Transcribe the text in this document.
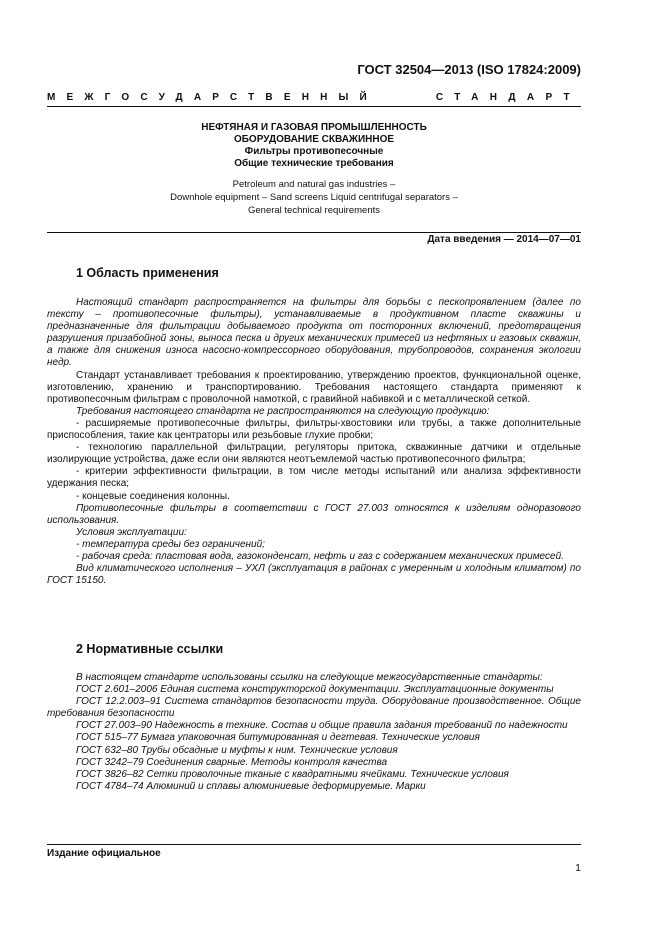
ГОСТ 32504—2013 (ISO 17824:2009)
МЕЖГОСУДАРСТВЕННЫЙ	СТАНДАРТ
НЕФТЯНАЯ И ГАЗОВАЯ ПРОМЫШЛЕННОСТЬ
ОБОРУДОВАНИЕ СКВАЖИННОЕ
Фильтры противопесочные
Общие технические требования
Petroleum and natural gas industries –
Downhole equipment – Sand screens Liquid centrifugal separators –
General technical requirements
Дата введения — 2014—07—01
1 Область применения

Настоящий стандарт распространяется на фильтры для борьбы с пескопроявлением (далее по тексту – противопесочные фильтры), устанавливаемые в продуктивном пласте скважины и предназначенные для фильтрации добываемого продукта от посторонних включений, предотвращения разрушения призабойной зоны, выноса песка и других механических примесей из нефтяных и газовых скважин, а также для снижения износа насосно-компрессорного оборудования, трубопроводов, сохранения экологии недр.

Стандарт устанавливает требования к проектированию, утверждению проектов, функциональной оценке, изготовлению, хранению и транспортированию. Требования настоящего стандарта применяют к противопесочным фильтрам с проволочной намоткой, с гравийной набивкой и с металлической сеткой.

Требования настоящего стандарта не распространяются на следующую продукцию:

- расширяемые противопесочные фильтры, фильтры-хвостовики или трубы, а также дополнительные приспособления, такие как центраторы или резьбовые глухие пробки;

- технологию параллельной фильтрации, регуляторы притока, скважинные датчики и отдельные изолирующие устройства, даже если они являются неотъемлемой частью противопесочного фильтра;

- критерии эффективности фильтрации, в том числе методы испытаний или анализа эффективности удержания песка;

- концевые соединения колонны.

Противопесочные фильтры в соответствии с ГОСТ 27.003 относятся к изделиям одноразового использования.

Условия эксплуатации:

- температура среды без ограничений;

- рабочая среда: пластовая вода, газоконденсат, нефть и газ с содержанием механических примесей.

Вид климатического исполнения – УХЛ (эксплуатация в районах с умеренным и холодным климатом) по ГОСТ 15150.

2 Нормативные ссылки

В настоящем стандарте использованы ссылки на следующие межгосударственные стандарты:

ГОСТ 2.601–2006 Единая система конструкторской документации. Эксплуатационные документы

ГОСТ 12.2.003–91 Система стандартов безопасности труда. Оборудование производственное. Общие требования безопасности

ГОСТ 27.003–90 Надежность в технике. Состав и общие правила задания требований по надежности

ГОСТ 515–77 Бумага упаковочная битумированная и дегтевая. Технические условия

ГОСТ 632–80 Трубы обсадные и муфты к ним. Технические условия

ГОСТ 3242–79 Соединения сварные. Методы контроля качества

ГОСТ 3826–82 Сетки проволочные тканые с квадратными ячейками. Технические условия

ГОСТ 4784–74 Алюминий и сплавы алюминиевые деформируемые. Марки

Издание официальное
1
